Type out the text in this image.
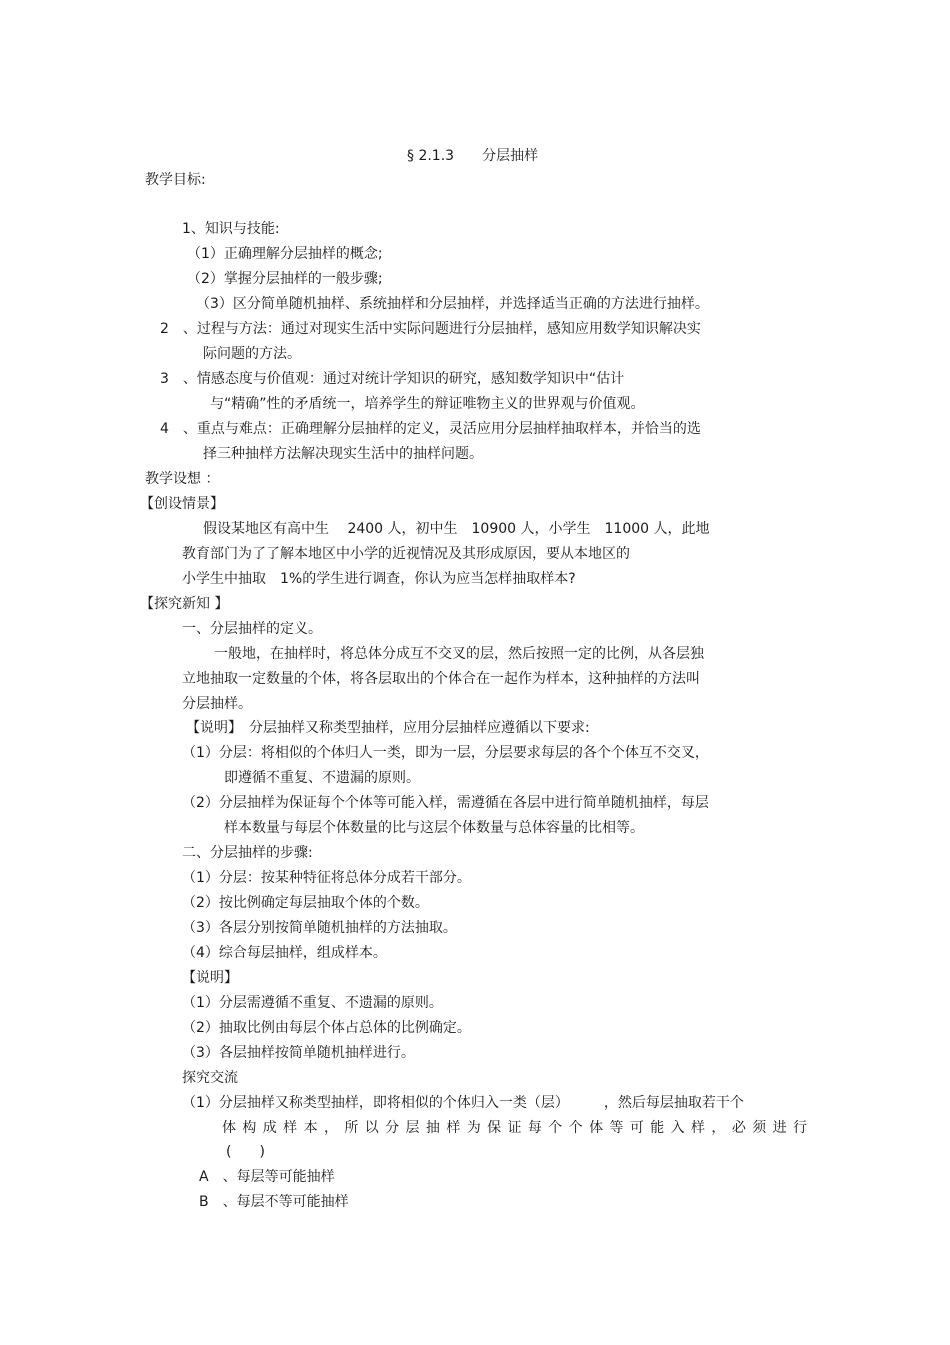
§ 2.1.3　　分层抽样
教学目标:
1、知识与技能:
（1）正确理解分层抽样的概念;
（2）掌握分层抽样的一般步骤;
（3）区分简单随机抽样、系统抽样和分层抽样，并选择适当正确的方法进行抽样。
2　、过程与方法：通过对现实生活中实际问题进行分层抽样，感知应用数学知识解决实
际问题的方法。
3　、情感态度与价值观：通过对统计学知识的研究，感知数学知识中“估计
与“精确”性的矛盾统一，培养学生的辩证唯物主义的世界观与价值观。
4　、重点与难点：正确理解分层抽样的定义，灵活应用分层抽样抽取样本，并恰当的选
择三种抽样方法解决现实生活中的抽样问题。
教学设想 ：
【创设情景】
假设某地区有高中生　 2400 人，初中生　10900 人，小学生　11000 人，此地
教育部门为了了解本地区中小学的近视情况及其形成原因，要从本地区的
小学生中抽取　1%的学生进行调查，你认为应当怎样抽取样本?
【探究新知 】
一、分层抽样的定义。
一般地，在抽样时，将总体分成互不交叉的层，然后按照一定的比例，从各层独
立地抽取一定数量的个体，将各层取出的个体合在一起作为样本，这种抽样的方法叫
分层抽样。
【说明】　分层抽样又称类型抽样，应用分层抽样应遵循以下要求:
（1）分层：将相似的个体归人一类，即为一层，分层要求每层的各个个体互不交叉，
即遵循不重复、不遗漏的原则。
（2）分层抽样为保证每个个体等可能入样，需遵循在各层中进行简单随机抽样，每层
样本数量与每层个体数量的比与这层个体数量与总体容量的比相等。
二、分层抽样的步骤:
（1）分层：按某种特征将总体分成若干部分。
（2）按比例确定每层抽取个体的个数。
（3）各层分别按简单随机抽样的方法抽取。
（4）综合每层抽样，组成样本。
【说明】
（1）分层需遵循不重复、不遗漏的原则。
（2）抽取比例由每层个体占总体的比例确定。
（3）各层抽样按简单随机抽样进行。
探究交流
（1）分层抽样又称类型抽样，即将相似的个体归入一类（层）　　　，然后每层抽取若干个
体构成样本，所以分层抽样为保证每个个体等可能入样，必须进行
(　　)
A　、每层等可能抽样
B　、每层不等可能抽样
